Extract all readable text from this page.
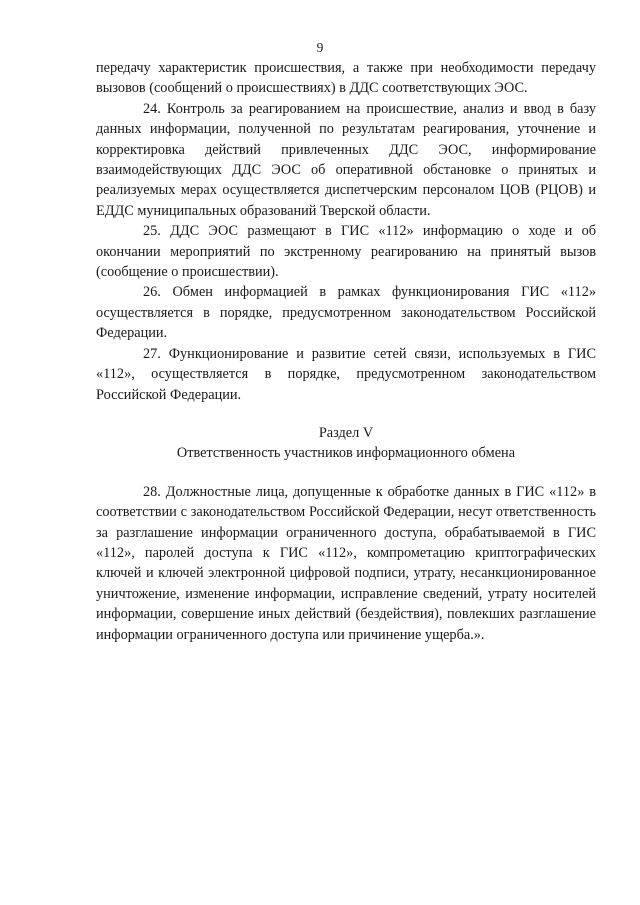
9

передачу характеристик происшествия, а также при необходимости передачу вызовов (сообщений о происшествиях) в ДДС соответствующих ЭОС.

24. Контроль за реагированием на происшествие, анализ и ввод в базу данных информации, полученной по результатам реагирования, уточнение и корректировка действий привлеченных ДДС ЭОС, информирование взаимодействующих ДДС ЭОС об оперативной обстановке о принятых и реализуемых мерах осуществляется диспетчерским персоналом ЦОВ (РЦОВ) и ЕДДС муниципальных образований Тверской области.

25. ДДС ЭОС размещают в ГИС «112» информацию о ходе и об окончании мероприятий по экстренному реагированию на принятый вызов (сообщение о происшествии).

26. Обмен информацией в рамках функционирования ГИС «112» осуществляется в порядке, предусмотренном законодательством Российской Федерации.

27. Функционирование и развитие сетей связи, используемых в ГИС «112», осуществляется в порядке, предусмотренном законодательством Российской Федерации.

Раздел V

Ответственность участников информационного обмена

28. Должностные лица, допущенные к обработке данных в ГИС «112» в соответствии с законодательством Российской Федерации, несут ответственность за разглашение информации ограниченного доступа, обрабатываемой в ГИС «112», паролей доступа к ГИС «112», компрометацию криптографических ключей и ключей электронной цифровой подписи, утрату, несанкционированное уничтожение, изменение информации, исправление сведений, утрату носителей информации, совершение иных действий (бездействия), повлекших разглашение информации ограниченного доступа или причинение ущерба.».
